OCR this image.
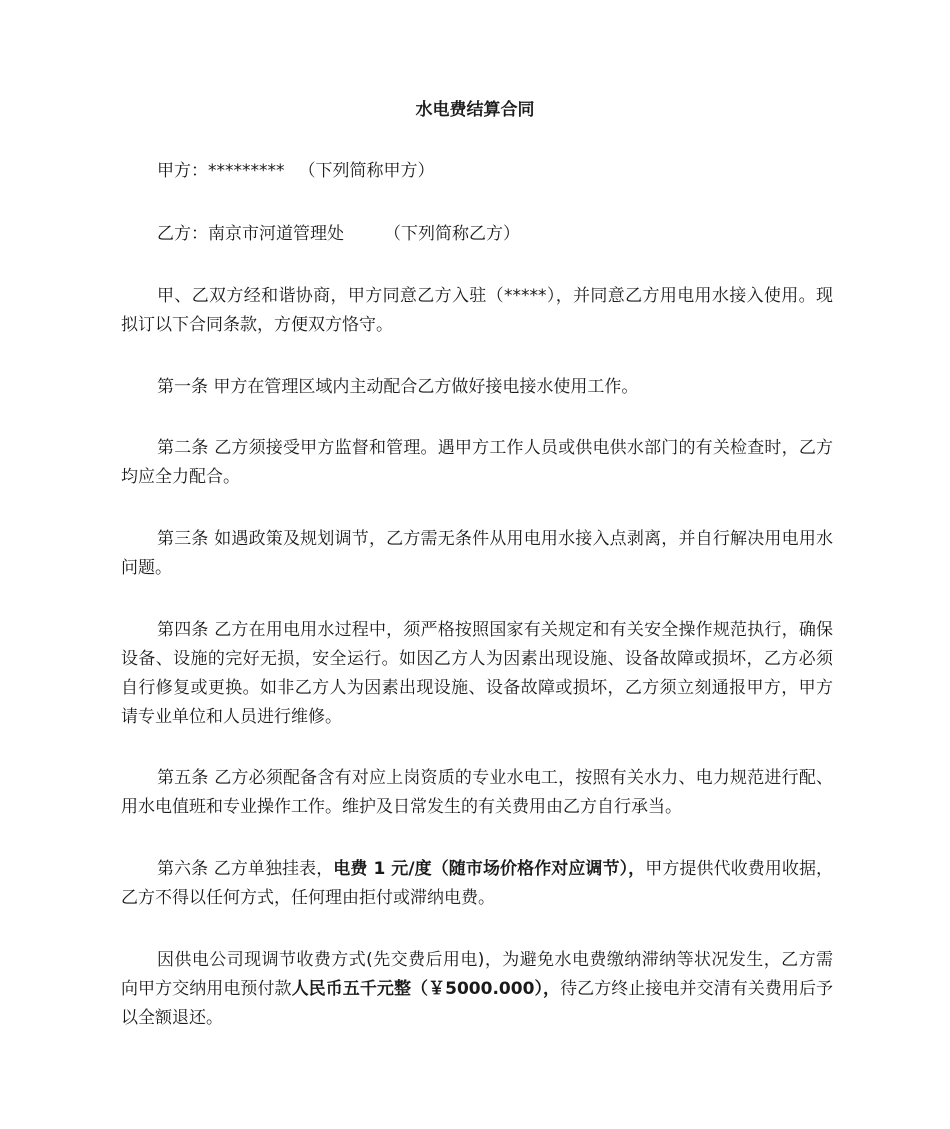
水电费结算合同

甲方：********* （下列简称甲方）

乙方：南京市河道管理处 （下列简称乙方）

甲、乙双方经和谐协商，甲方同意乙方入驻（*****），并同意乙方用电用水接入使用。现拟订以下合同条款，方便双方恪守。

第一条 甲方在管理区域内主动配合乙方做好接电接水使用工作。

第二条 乙方须接受甲方监督和管理。遇甲方工作人员或供电供水部门的有关检查时，乙方均应全力配合。

第三条 如遇政策及规划调节，乙方需无条件从用电用水接入点剥离，并自行解决用电用水问题。

第四条 乙方在用电用水过程中，须严格按照国家有关规定和有关安全操作规范执行，确保设备、设施的完好无损，安全运行。如因乙方人为因素出现设施、设备故障或损坏，乙方必须自行修复或更换。如非乙方人为因素出现设施、设备故障或损坏，乙方须立刻通报甲方，甲方请专业单位和人员进行维修。

第五条 乙方必须配备含有对应上岗资质的专业水电工，按照有关水力、电力规范进行配、用水电值班和专业操作工作。维护及日常发生的有关费用由乙方自行承当。

第六条 乙方单独挂表，电费 1 元/度（随市场价格作对应调节），甲方提供代收费用收据，乙方不得以任何方式，任何理由拒付或滞纳电费。

因供电公司现调节收费方式(先交费后用电)，为避免水电费缴纳滞纳等状况发生，乙方需向甲方交纳用电预付款人民币五千元整（￥5000.000），待乙方终止接电并交清有关费用后予以全额退还。
